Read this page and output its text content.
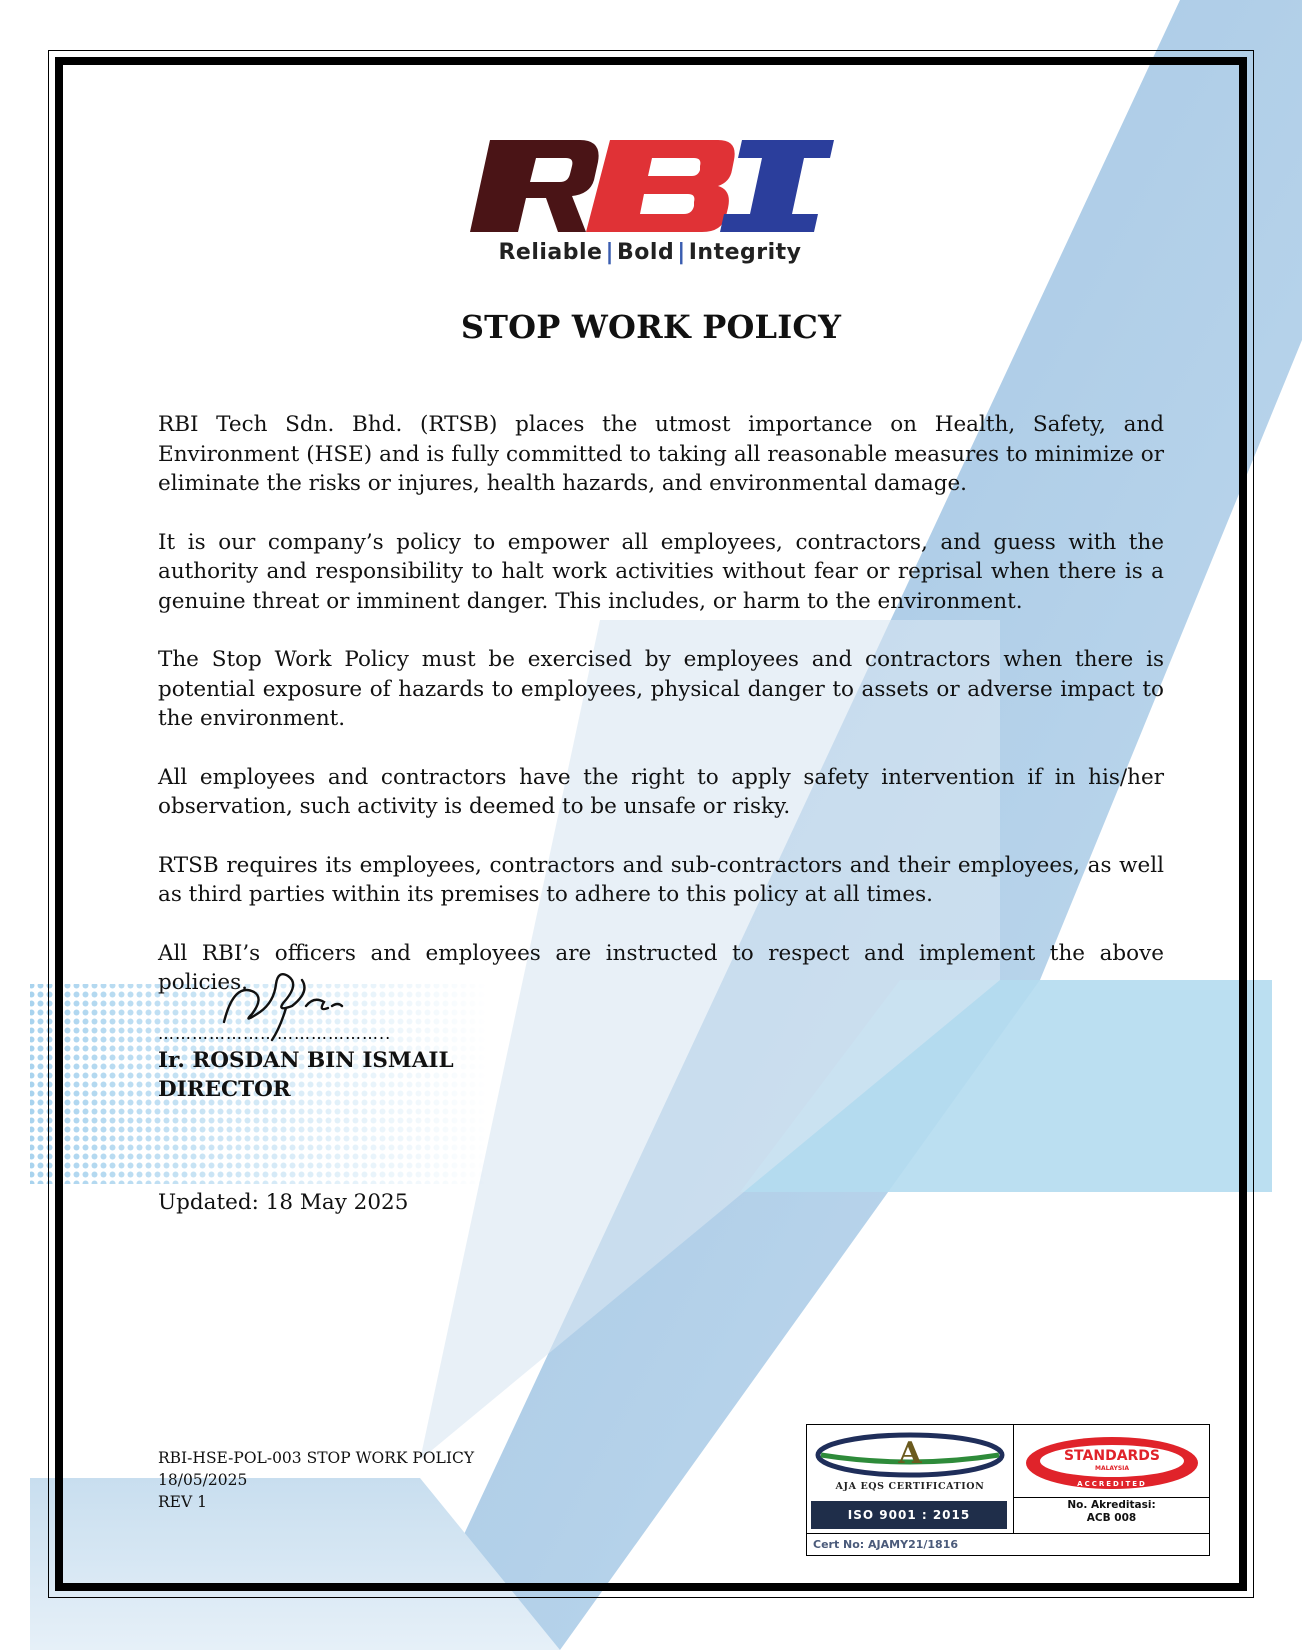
Reliable | Bold | Integrity
STOP WORK POLICY

RBI Tech Sdn. Bhd. (RTSB) places the utmost importance on Health, Safety, and Environment (HSE) and is fully committed to taking all reasonable measures to minimize or eliminate the risks or injures, health hazards, and environmental damage.

It is our company’s policy to empower all employees, contractors, and guess with the authority and responsibility to halt work activities without fear or reprisal when there is a genuine threat or imminent danger. This includes, or harm to the environment.

The Stop Work Policy must be exercised by employees and contractors when there is potential exposure of hazards to employees, physical danger to assets or adverse impact to the environment.

All employees and contractors have the right to apply safety intervention if in his/her observation, such activity is deemed to be unsafe or risky.

RTSB requires its employees, contractors and sub-contractors and their employees, as well as third parties within its premises to adhere to this policy at all times.

All RBI’s officers and employees are instructed to respect and implement the above policies.

…………………………………..
Ir. ROSDAN BIN ISMAIL
DIRECTOR
Updated: 18 May 2025
RBI-HSE-POL-003 STOP WORK POLICY
18/05/2025
REV 1
A
AJA EQS CERTIFICATION
ISO 9001 : 2015
STANDARDS
MALAYSIA
ACCREDITED
No. Akreditasi:
ACB 008
Cert No: AJAMY21/1816
